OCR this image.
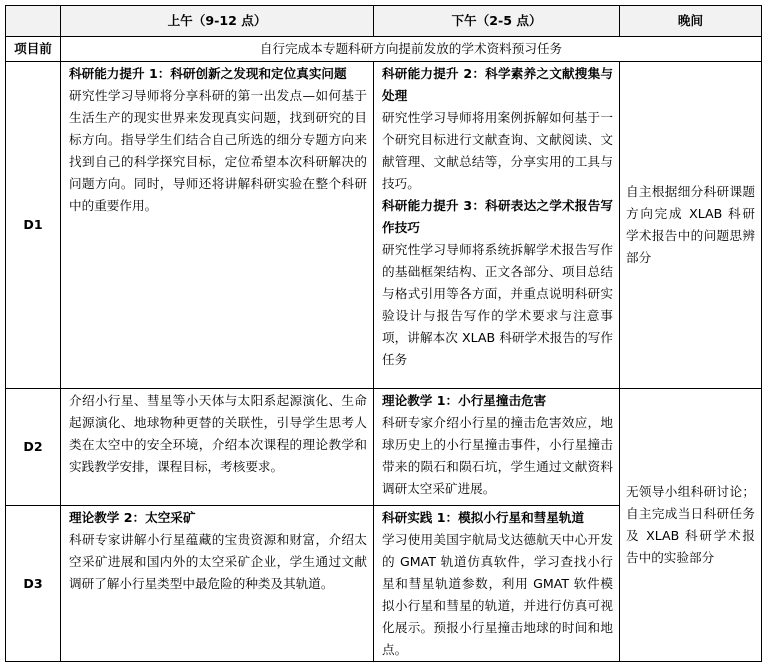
	上午（9-12 点）	下午（2-5 点）	晚间
项目前	自行完成本专题科研方向提前发放的学术资料预习任务		
D1	科研能力提升 1：科研创新之发现和定位真实问题
研究性学习导师将分享科研的第一出发点—如何基于生活生产的现实世界来发现真实问题，找到研究的目标方向。指导学生们结合自己所选的细分专题方向来找到自己的科学探究目标，定位希望本次科研解决的问题方向。同时，导师还将讲解科研实验在整个科研中的重要作用。	科研能力提升 2：科学素养之文献搜集与处理
研究性学习导师将用案例拆解如何基于一个研究目标进行文献查询、文献阅读、文献管理、文献总结等，分享实用的工具与技巧。
科研能力提升 3：科研表达之学术报告写作技巧
研究性学习导师将系统拆解学术报告写作的基础框架结构、正文各部分、项目总结与格式引用等各方面，并重点说明科研实验设计与报告写作的学术要求与注意事项，讲解本次 XLAB 科研学术报告的写作任务	自主根据细分科研课题方向完成 XLAB 科研学术报告中的问题思辨部分

D2	介绍小行星、彗星等小天体与太阳系起源演化、生命起源演化、地球物种更替的关联性，引导学生思考人类在太空中的安全环境，介绍本次课程的理论教学和实践教学安排，课程目标，考核要求。	理论教学 1：小行星撞击危害
科研专家介绍小行星的撞击危害效应，地球历史上的小行星撞击事件，小行星撞击带来的陨石和陨石坑，学生通过文献资料调研太空采矿进展。	无领导小组科研讨论；自主完成当日科研任务及 XLAB 科研学术报告中的实验部分

D3	理论教学 2：太空采矿
科研专家讲解小行星蕴藏的宝贵资源和财富，介绍太空采矿进展和国内外的太空采矿企业，学生通过文献调研了解小行星类型中最危险的种类及其轨道。	科研实践 1：模拟小行星和彗星轨道
学习使用美国宇航局戈达德航天中心开发的 GMAT 轨道仿真软件，学习查找小行星和彗星轨道参数，利用 GMAT 软件模拟小行星和彗星的轨道，并进行仿真可视化展示。预报小行星撞击地球的时间和地点。	
